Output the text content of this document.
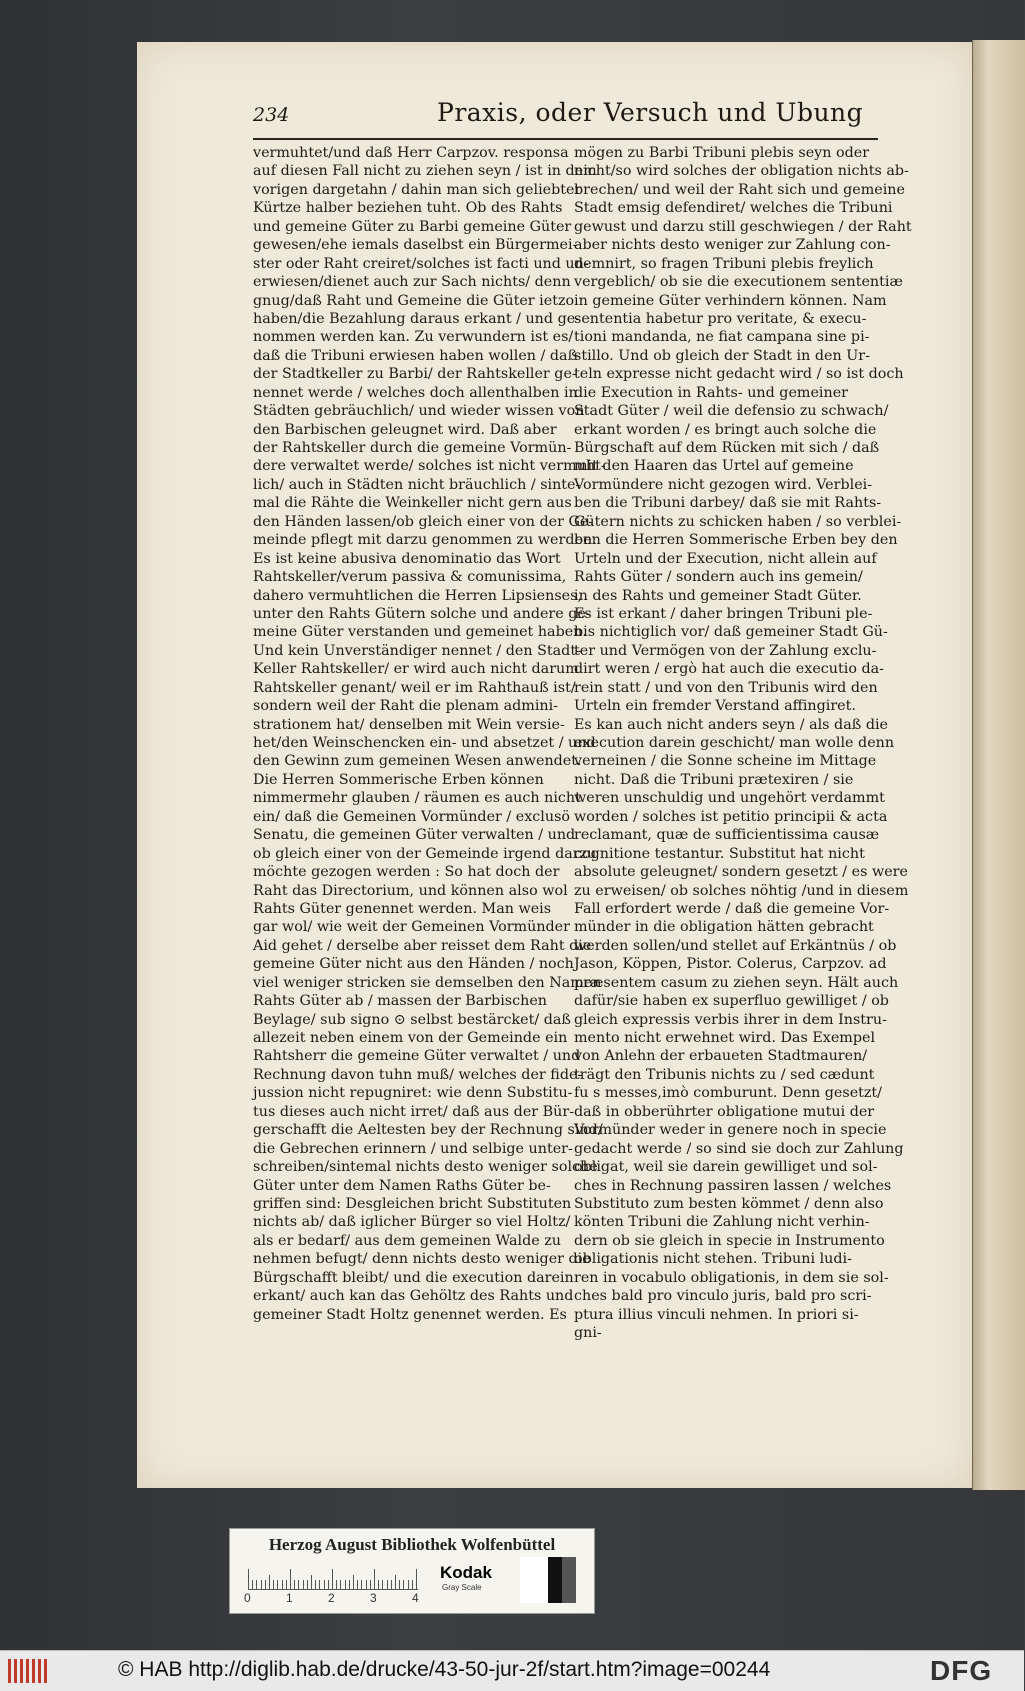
234	Praxis, oder Versuch und Ubung
vermuhtet/und daß Herr Carpzov. responsa
auf diesen Fall nicht zu ziehen seyn / ist in dem
vorigen dargetahn / dahin man sich geliebter
Kürtze halber beziehen tuht. Ob des Rahts
und gemeine Güter zu Barbi gemeine Güter
gewesen/ehe iemals daselbst ein Bürgermei-
ster oder Raht creiret/solches ist facti und un-
erwiesen/dienet auch zur Sach nichts/ denn
gnug/daß Raht und Gemeine die Güter ietzo
haben/die Bezahlung daraus erkant / und ge-
nommen werden kan. Zu verwundern ist es/
daß die Tribuni erwiesen haben wollen / daß
der Stadtkeller zu Barbi/ der Rahtskeller ge-
nennet werde / welches doch allenthalben in
Städten gebräuchlich/ und wieder wissen von
den Barbischen geleugnet wird. Daß aber
der Rahtskeller durch die gemeine Vormün-
dere verwaltet werde/ solches ist nicht vermuht-
lich/ auch in Städten nicht bräuchlich / sinte-
mal die Rähte die Weinkeller nicht gern aus
den Händen lassen/ob gleich einer von der Ge-
meinde pflegt mit darzu genommen zu werden.
Es ist keine abusiva denominatio das Wort
Rahtskeller/verum passiva & comunissima,
dahero vermuhtlichen die Herren Lipsienses,
unter den Rahts Gütern solche und andere ge-
meine Güter verstanden und gemeinet haben.
Und kein Unverständiger nennet / den Stadt-
Keller Rahtskeller/ er wird auch nicht darum
Rahtskeller genant/ weil er im Rahthauß ist/
sondern weil der Raht die plenam admini-
strationem hat/ denselben mit Wein versie-
het/den Weinschencken ein- und absetzet / und
den Gewinn zum gemeinen Wesen anwendet.
Die Herren Sommerische Erben können
nimmermehr glauben / räumen es auch nicht
ein/ daß die Gemeinen Vormünder / exclusö
Senatu, die gemeinen Güter verwalten / und
ob gleich einer von der Gemeinde irgend darzu
möchte gezogen werden : So hat doch der
Raht das Directorium, und können also wol
Rahts Güter genennet werden. Man weis
gar wol/ wie weit der Gemeinen Vormünder
Aid gehet / derselbe aber reisset dem Raht die
gemeine Güter nicht aus den Händen / noch
viel weniger stricken sie demselben den Namen
Rahts Güter ab / massen der Barbischen
Beylage/ sub signo ⊙ selbst bestärcket/ daß
allezeit neben einem von der Gemeinde ein
Rahtsherr die gemeine Güter verwaltet / und
Rechnung davon tuhn muß/ welches der fide-
jussion nicht repugniret: wie denn Substitu-
tus dieses auch nicht irret/ daß aus der Bür-
gerschafft die Aeltesten bey der Rechnung sind/
die Gebrechen erinnern / und selbige unter-
schreiben/sintemal nichts desto weniger solche
Güter unter dem Namen Raths Güter be-
griffen sind: Desgleichen bricht Substituten
nichts ab/ daß iglicher Bürger so viel Holtz/
als er bedarf/ aus dem gemeinen Walde zu
nehmen befugt/ denn nichts desto weniger die
Bürgschafft bleibt/ und die execution darein
erkant/ auch kan das Gehöltz des Rahts und
gemeiner Stadt Holtz genennet werden. Es
mögen zu Barbi Tribuni plebis seyn oder
nicht/so wird solches der obligation nichts ab-
brechen/ und weil der Raht sich und gemeine
Stadt emsig defendiret/ welches die Tribuni
gewust und darzu still geschwiegen / der Raht
aber nichts desto weniger zur Zahlung con-
demnirt, so fragen Tribuni plebis freylich
vergeblich/ ob sie die executionem sententiæ
in gemeine Güter verhindern können. Nam
sententia habetur pro veritate, & execu-
tioni mandanda, ne fiat campana sine pi-
stillo. Und ob gleich der Stadt in den Ur-
teln expresse nicht gedacht wird / so ist doch
die Execution in Rahts- und gemeiner
Stadt Güter / weil die defensio zu schwach/
erkant worden / es bringt auch solche die
Bürgschaft auf dem Rücken mit sich / daß
mit den Haaren das Urtel auf gemeine
Vormündere nicht gezogen wird. Verblei-
ben die Tribuni darbey/ daß sie mit Rahts-
Gütern nichts zu schicken haben / so verblei-
ben die Herren Sommerische Erben bey den
Urteln und der Execution, nicht allein auf
Rahts Güter / sondern auch ins gemein/
in des Rahts und gemeiner Stadt Güter.
Es ist erkant / daher bringen Tribuni ple-
bis nichtiglich vor/ daß gemeiner Stadt Gü-
ter und Vermögen von der Zahlung exclu-
dirt weren / ergò hat auch die executio da-
rein statt / und von den Tribunis wird den
Urteln ein fremder Verstand affingiret.
Es kan auch nicht anders seyn / als daß die
execution darein geschicht/ man wolle denn
verneinen / die Sonne scheine im Mittage
nicht. Daß die Tribuni prætexiren / sie
weren unschuldig und ungehört verdammt
worden / solches ist petitio principii & acta
reclamant, quæ de sufficientissima causæ
cognitione testantur. Substitut hat nicht
absolute geleugnet/ sondern gesetzt / es were
zu erweisen/ ob solches nöhtig /und in diesem
Fall erfordert werde / daß die gemeine Vor-
münder in die obligation hätten gebracht
werden sollen/und stellet auf Erkäntnüs / ob
Jason, Köppen, Pistor. Colerus, Carpzov. ad
præsentem casum zu ziehen seyn. Hält auch
dafür/sie haben ex superfluo gewilliget / ob
gleich expressis verbis ihrer in dem Instru-
mento nicht erwehnet wird. Das Exempel
von Anlehn der erbaueten Stadtmauren/
trägt den Tribunis nichts zu / sed cædunt
fu s messes,imò comburunt. Denn gesetzt/
daß in obberührter obligatione mutui der
Vormünder weder in genere noch in specie
gedacht werde / so sind sie doch zur Zahlung
obligat, weil sie darein gewilliget und sol-
ches in Rechnung passiren lassen / welches
Substituto zum besten kömmet / denn also
könten Tribuni die Zahlung nicht verhin-
dern ob sie gleich in specie in Instrumento
obligationis nicht stehen. Tribuni ludi-
ren in vocabulo obligationis, in dem sie sol-
ches bald pro vinculo juris, bald pro scri-
ptura illius vinculi nehmen. In priori si-
gni-
Herzog August Bibliothek Wolfenbüttel
0	1	2	3	4
Kodak
Gray Scale
© HAB http://diglib.hab.de/drucke/43-50-jur-2f/start.htm?image=00244	DFG
